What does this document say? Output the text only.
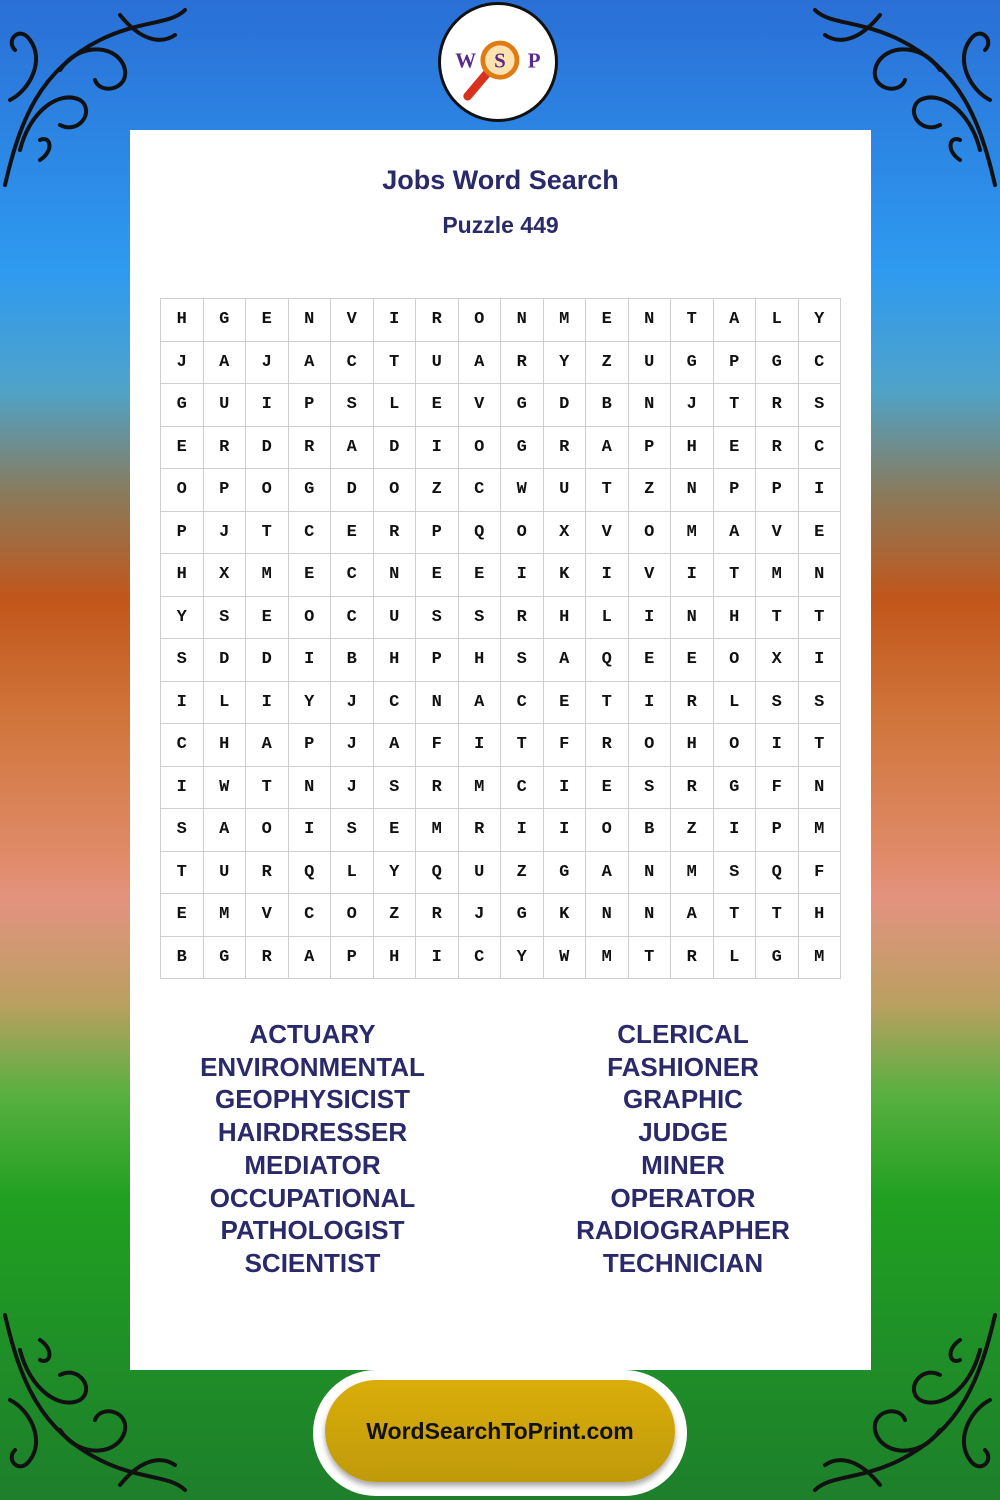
W S P
Jobs Word Search
Puzzle 449
H	G	E	N	V	I	R	O	N	M	E	N	T	A	L	Y
J	A	J	A	C	T	U	A	R	Y	Z	U	G	P	G	C
G	U	I	P	S	L	E	V	G	D	B	N	J	T	R	S
E	R	D	R	A	D	I	O	G	R	A	P	H	E	R	C
O	P	O	G	D	O	Z	C	W	U	T	Z	N	P	P	I
P	J	T	C	E	R	P	Q	O	X	V	O	M	A	V	E
H	X	M	E	C	N	E	E	I	K	I	V	I	T	M	N
Y	S	E	O	C	U	S	S	R	H	L	I	N	H	T	T
S	D	D	I	B	H	P	H	S	A	Q	E	E	O	X	I
I	L	I	Y	J	C	N	A	C	E	T	I	R	L	S	S
C	H	A	P	J	A	F	I	T	F	R	O	H	O	I	T
I	W	T	N	J	S	R	M	C	I	E	S	R	G	F	N
S	A	O	I	S	E	M	R	I	I	O	B	Z	I	P	M
T	U	R	Q	L	Y	Q	U	Z	G	A	N	M	S	Q	F
E	M	V	C	O	Z	R	J	G	K	N	N	A	T	T	H
B	G	R	A	P	H	I	C	Y	W	M	T	R	L	G	M
ACTUARY
ENVIRONMENTAL
GEOPHYSICIST
HAIRDRESSER
MEDIATOR
OCCUPATIONAL
PATHOLOGIST
SCIENTIST
CLERICAL
FASHIONER
GRAPHIC
JUDGE
MINER
OPERATOR
RADIOGRAPHER
TECHNICIAN
WordSearchToPrint.com
